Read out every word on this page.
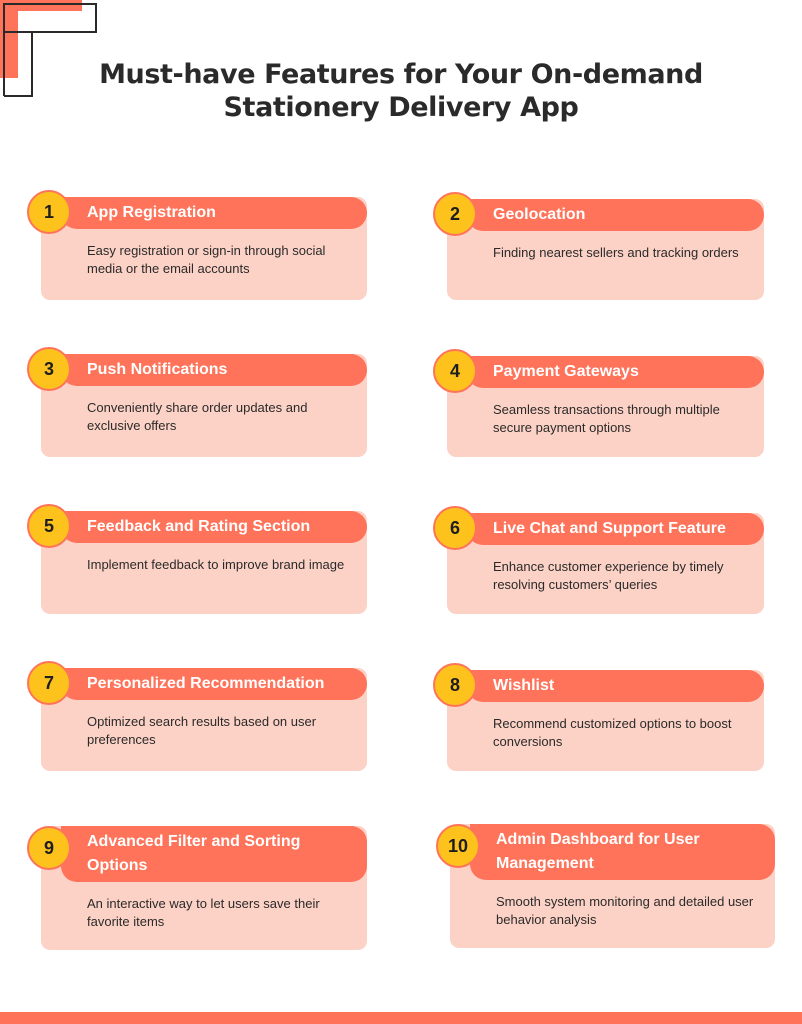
Must-have Features for Your On-demand
Stationery Delivery App
App Registration
1
Easy registration or sign-in through social media or the email accounts
Push Notifications
3
Conveniently share order updates and exclusive offers
Feedback and Rating Section
5
Implement feedback to improve brand image
Personalized Recommendation
7
Optimized search results based on user preferences
Advanced Filter and Sorting Options
9
An interactive way to let users save their favorite items
Geolocation
2
Finding nearest sellers and tracking orders
Payment Gateways
4
Seamless transactions through multiple secure payment options
Live Chat and Support Feature
6
Enhance customer experience by timely resolving customers’ queries
Wishlist
8
Recommend customized options to boost conversions
Admin Dashboard for User Management
10
Smooth system monitoring and detailed user behavior analysis
